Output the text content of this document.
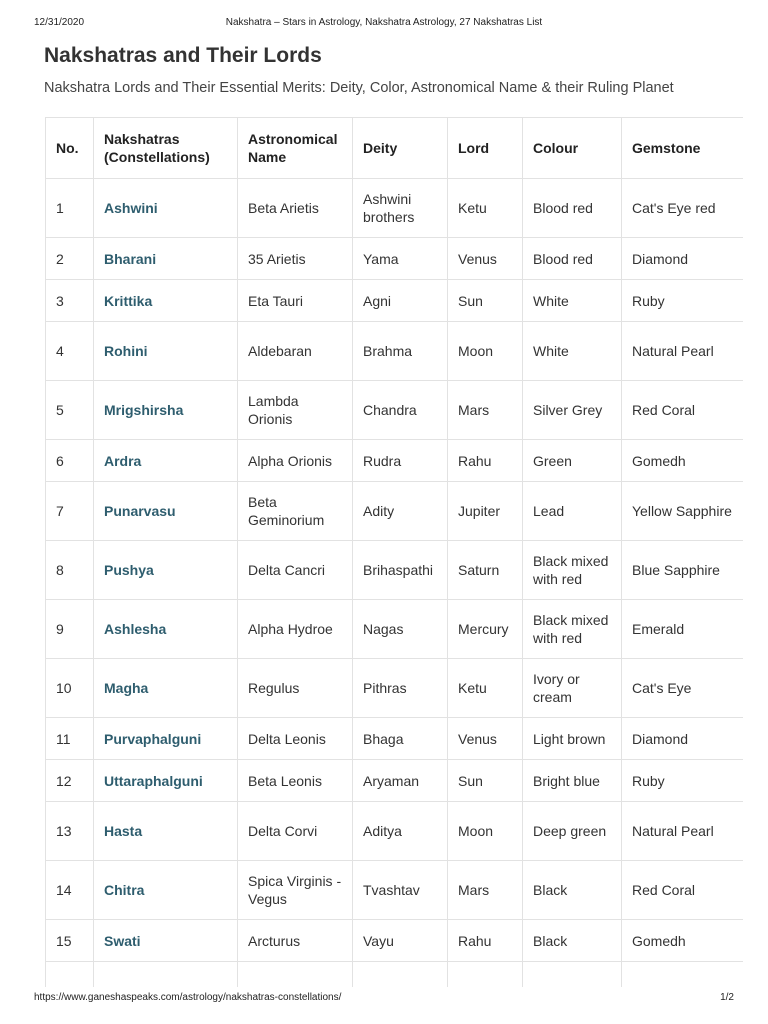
12/31/2020	Nakshatra – Stars in Astrology, Nakshatra Astrology, 27 Nakshatras List
Nakshatras and Their Lords

Nakshatra Lords and Their Essential Merits: Deity, Color, Astronomical Name & their Ruling Planet

No.	Nakshatras (Constellations)	Astronomical Name	Deity	Lord	Colour	Gemstone
1	Ashwini	Beta Arietis	Ashwini brothers	Ketu	Blood red	Cat's Eye red
2	Bharani	35 Arietis	Yama	Venus	Blood red	Diamond
3	Krittika	Eta Tauri	Agni	Sun	White	Ruby
4	Rohini	Aldebaran	Brahma	Moon	White	Natural Pearl
5	Mrigshirsha	Lambda Orionis	Chandra	Mars	Silver Grey	Red Coral
6	Ardra	Alpha Orionis	Rudra	Rahu	Green	Gomedh
7	Punarvasu	Beta Geminorium	Adity	Jupiter	Lead	Yellow Sapphire
8	Pushya	Delta Cancri	Brihaspathi	Saturn	Black mixed with red	Blue Sapphire
9	Ashlesha	Alpha Hydroe	Nagas	Mercury	Black mixed with red	Emerald
10	Magha	Regulus	Pithras	Ketu	Ivory or cream	Cat's Eye
11	Purvaphalguni	Delta Leonis	Bhaga	Venus	Light brown	Diamond
12	Uttaraphalguni	Beta Leonis	Aryaman	Sun	Bright blue	Ruby
13	Hasta	Delta Corvi	Aditya	Moon	Deep green	Natural Pearl
14	Chitra	Spica Virginis -Vegus	Tvashtav	Mars	Black	Red Coral
15	Swati	Arcturus	Vayu	Rahu	Black	Gomedh

https://www.ganeshaspeaks.com/astrology/nakshatras-constellations/	1/2
